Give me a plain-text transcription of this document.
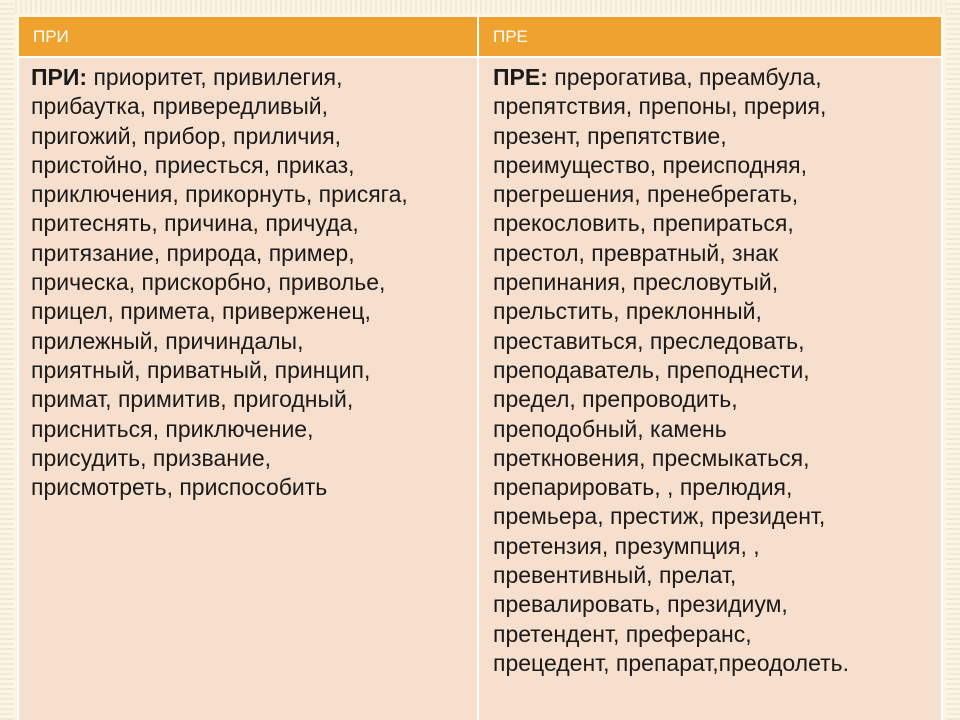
ПРИ	ПРЕ
ПРИ: приоритет, привилегия,
прибаутка, привередливый,
пригожий, прибор, приличия,
пристойно, приесться, приказ,
приключения, прикорнуть, присяга,
притеснять, причина, причуда,
притязание, природа, пример,
прическа, прискорбно, приволье,
прицел, примета, приверженец,
прилежный, причиндалы,
приятный, приватный, принцип,
примат, примитив, пригодный,
присниться, приключение,
присудить, призвание,
присмотреть, приспособить
ПРЕ: прерогатива, преамбула,
препятствия, препоны, прерия,
презент, препятствие,
преимущество, преисподняя,
прегрешения, пренебрегать,
прекословить, препираться,
престол, превратный, знак
препинания, пресловутый,
прельстить, преклонный,
преставиться, преследовать,
преподаватель, преподнести,
предел, препроводить,
преподобный, камень
преткновения, пресмыкаться,
препарировать, , прелюдия,
премьера, престиж, президент,
претензия, презумпция, ,
превентивный, прелат,
превалировать, президиум,
претендент, преферанс,
прецедент, препарат,преодолеть.
